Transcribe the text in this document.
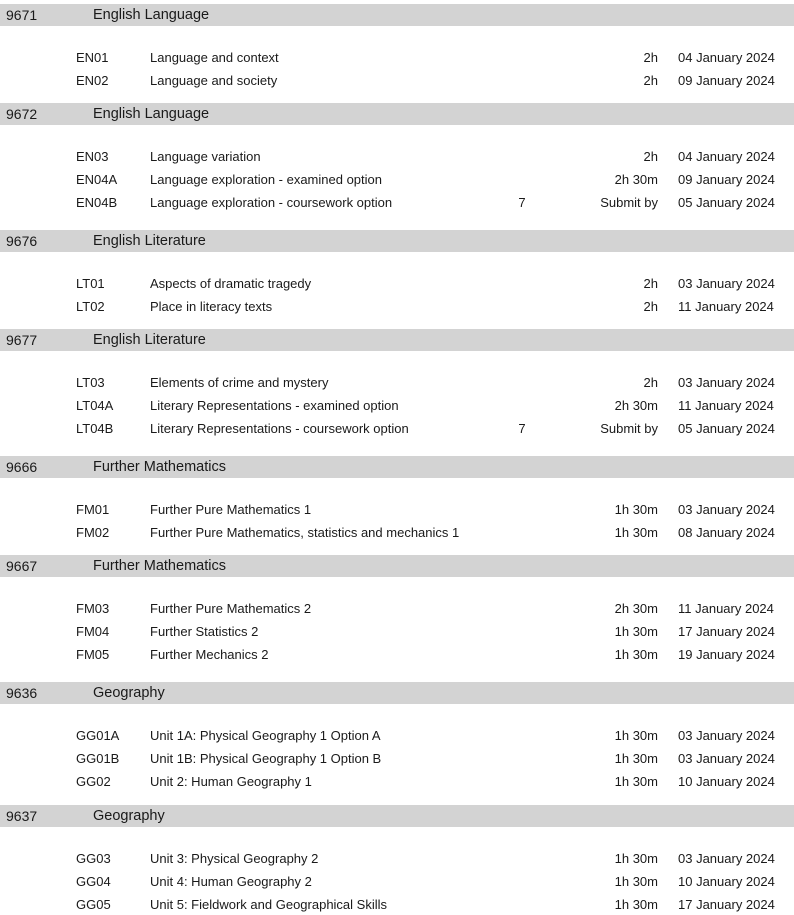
9671	English Language
EN01	Language and context	2h 04 January 2024
EN02	Language and society	2h 09 January 2024
9672	English Language
EN03	Language variation	2h 04 January 2024
EN04A	Language exploration - examined option	2h 30m 09 January 2024
EN04B	Language exploration - coursework option	7	Submit by 05 January 2024
9676	English Literature
LT01	Aspects of dramatic tragedy	2h 03 January 2024
LT02	Place in literacy texts	2h 11 January 2024
9677	English Literature
LT03	Elements of crime and mystery	2h 03 January 2024
LT04A	Literary Representations - examined option	2h 30m 11 January 2024
LT04B	Literary Representations - coursework option	7	Submit by 05 January 2024
9666	Further Mathematics
FM01	Further Pure Mathematics 1	1h 30m 03 January 2024
FM02	Further Pure Mathematics, statistics and mechanics 1	1h 30m 08 January 2024
9667	Further Mathematics
FM03	Further Pure Mathematics 2	2h 30m 11 January 2024
FM04	Further Statistics 2	1h 30m 17 January 2024
FM05	Further Mechanics 2	1h 30m 19 January 2024
9636	Geography
GG01A Unit 1A: Physical Geography 1 Option A	1h 30m 03 January 2024
GG01B Unit 1B: Physical Geography 1 Option B	1h 30m 03 January 2024
GG02	Unit 2: Human Geography 1	1h 30m 10 January 2024
9637	Geography
GG03	Unit 3: Physical Geography 2	1h 30m 03 January 2024
GG04	Unit 4: Human Geography 2	1h 30m 10 January 2024
GG05	Unit 5: Fieldwork and Geographical Skills	1h 30m 17 January 2024
